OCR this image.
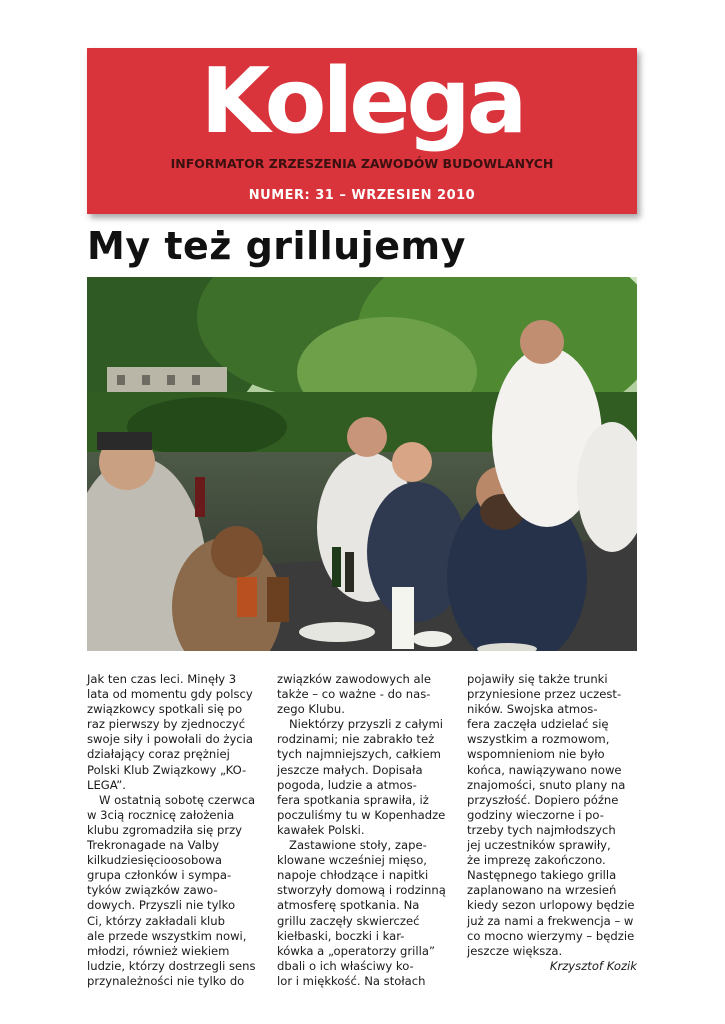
Kolega
INFORMATOR ZRZESZENIA ZAWODÓW BUDOWLANYCH
NUMER: 31 – WRZESIEN 2010
My też grillujemy

Jak ten czas leci. Minęły 3
lata od momentu gdy polscy
związkowcy spotkali się po
raz pierwszy by zjednoczyć
swoje siły i powołali do życia
działający coraz prężniej
Polski Klub Związkowy „KO-
LEGA”.
W ostatnią sobotę czerwca
w 3cią rocznicę założenia
klubu zgromadziła się przy
Trekronagade na Valby
kilkudziesięcioosobowa
grupa członków i sympa-
tyków związków zawo-
dowych. Przyszli nie tylko
Ci, którzy zakładali klub
ale przede wszystkim nowi,
młodzi, również wiekiem
ludzie, którzy dostrzegli sens
przynależności nie tylko do

związków zawodowych ale
także – co ważne - do nas-
zego Klubu.
Niektórzy przyszli z całymi
rodzinami; nie zabrakło też
tych najmniejszych, całkiem
jeszcze małych. Dopisała
pogoda, ludzie a atmos-
fera spotkania sprawiła, iż
poczuliśmy tu w Kopenhadze
kawałek Polski.
Zastawione stoły, zape-
klowane wcześniej mięso,
napoje chłodzące i napitki
stworzyły domową i rodzinną
atmosferę spotkania. Na
grillu zaczęły skwierczeć
kiełbaski, boczki i kar-
kówka a „operatorzy grilla”
dbali o ich właściwy ko-
lor i miękkość. Na stołach

pojawiły się także trunki
przyniesione przez uczest-
ników. Swojska atmos-
fera zaczęła udzielać się
wszystkim a rozmowom,
wspomnieniom nie było
końca, nawiązywano nowe
znajomości, snuto plany na
przyszłość. Dopiero późne
godziny wieczorne i po-
trzeby tych najmłodszych
jej uczestników sprawiły,
że imprezę zakończono.
Następnego takiego grilla
zaplanowano na wrzesień
kiedy sezon urlopowy będzie
już za nami a frekwencja – w
co mocno wierzymy – będzie
jeszcze większa.
Krzysztof Kozik
